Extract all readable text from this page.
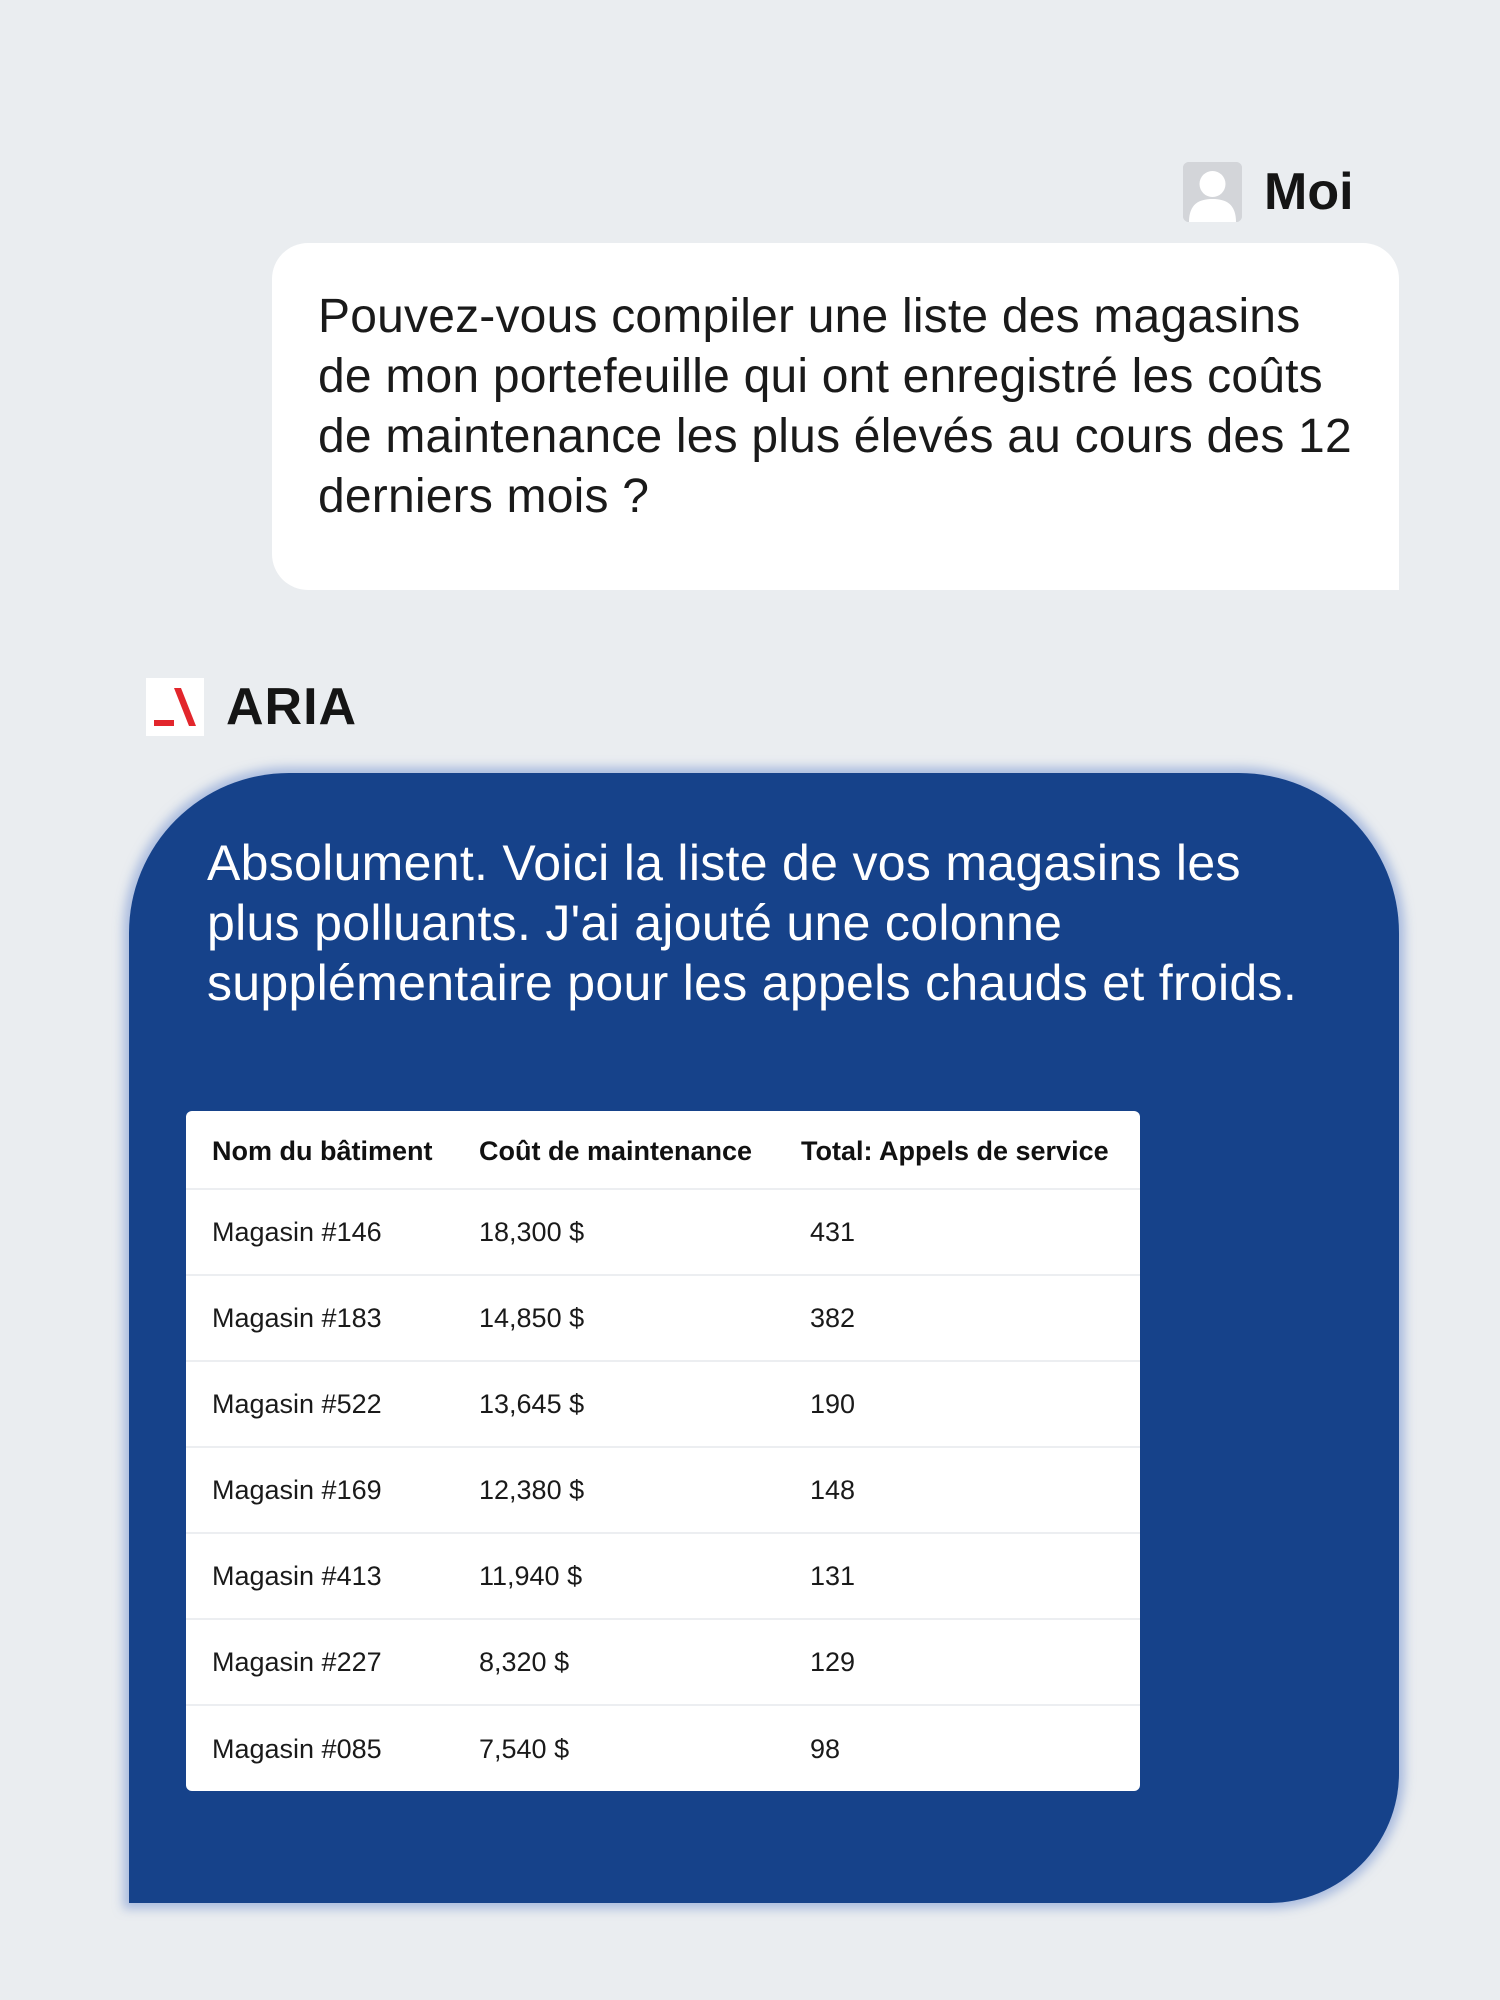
Moi

Pouvez-vous compiler une liste des magasins de mon portefeuille qui ont enregistré les coûts de maintenance les plus élevés au cours des 12 derniers mois ?

ARIA

Absolument. Voici la liste de vos magasins les plus polluants. J'ai ajouté une colonne supplémentaire pour les appels chauds et froids.

Nom du bâtiment	Coût de maintenance	Total: Appels de service
Magasin #146	18,300 $	431
Magasin #183	14,850 $	382
Magasin #522	13,645 $	190
Magasin #169	12,380 $	148
Magasin #413	11,940 $	131
Magasin #227	8,320 $	129
Magasin #085	7,540 $	98
